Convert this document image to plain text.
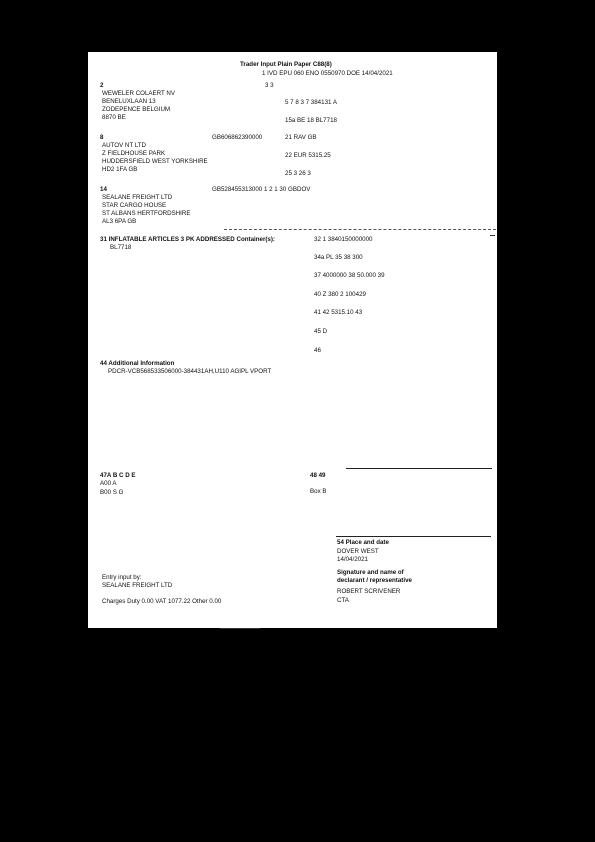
Trader Input Plain Paper C88(8)
1 IVD EPU 060 ENO 0550970 DOE 14/04/2021
2
WEWELER COLAERT NV
BENELUXLAAN 13
ZODEPENCE BELGIUM
8870 BE
3 3
5 7 8 3 7 384131 A
15a BE 18 BL7718
8	GB606862390000
AUTOV NT LTD
Z FIELDHOUSE PARK
HUDDERSFIELD WEST YORKSHIRE
HD2 1FA GB
21 RAV GB
22 EUR 5315.25
25 3 26 3
14	GB528455313000 1 2 1 30 GBDOV
SEALANE FREIGHT LTD
STAR CARGO HOUSE
ST ALBANS HERTFORDSHIRE
AL3 6PA GB
31 INFLATABLE ARTICLES 3 PK ADDRESSED Container(s):
BL7718
32 1 3840150000000
34a PL 35 38 300
37 4000000 38 50.000 39
40 Z 380 2 100429
41 42 5315.10 43
45 D
46
44 Additional Information
PDCR-VCB568533506000-384431AH,U110 AGIPL VPORT
47A B C D E
A00 A
B00 S G
48 49
Box B
54 Place and date
DOVER WEST
14/04/2021
Signature and name of
declarant / representative
ROBERT SCRIVENER
CTA
Entry input by:
SEALANE FREIGHT LTD
Charges Duty 0.00 VAT 1077.22 Other 0.00
